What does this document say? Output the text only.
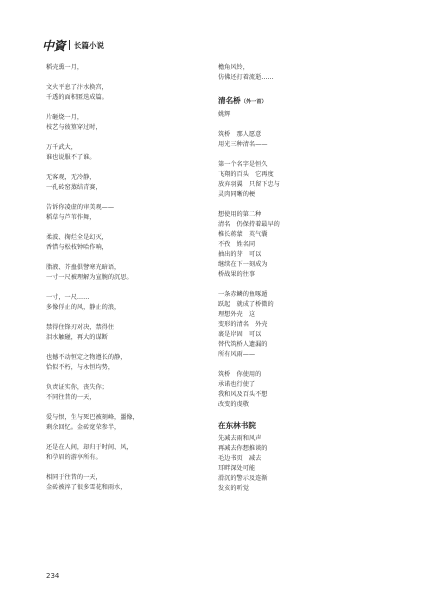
中資 长篇小说
稻壳熏一月，
文火平息了汴水换宫，
千透的面积匿迭成篇。
片砸烧一月，
枝艺与彼篁穿过时，
万千武大，
谁也说服不了谁。
无客观，无冷静，
一孔砖窑蒸结青赛，
告诉你凌虚的审美观——
稻草与芦苇作舞，
柔波、掬烂全是幻灭，
香惜与松枝钟哈作响，
脂液、芥蛊俱譬寒光暗语，
一寸一尺被理解为宣腕的沉思。
一寸，一尺……
多像俘止的风，静止的浪，
禁得住锋刃对决，禁得住
泪水触碰，再大的谋断
也撼不动恒定之物遵长的静，
恰似不朽，与永恒均势，
负责证实你，丧失你；
不同往昔的一天，
爱与恨，生与死巴被刻峰，噩像，
剩余回忆。金砖宽荣参半，
还是在人间，却归于时间、风，
和孕眉的游享所有。
相同于往昔的一天，
金砖被淬了很多雪花和雨水，
檐角风铃，
仿佛还打着流逝……
清名桥（外一首）
姚辉
筑桥　那人愿意
用光三种清名——
第一个名字是恒久
飞翔的百头　它再度
放弃羽翼　只留下忠与
灵肉同晰的梗
想使用的第二种
清名　仍保持着最早的
椎长蒋蒙　英气囊
不孜　姓名同
抽出的芽　可以
继续在下一刻成为
桥战果的往事
一条赤鳞的鱼啄遁
跃起　就成了桥微的
理想外壳　这
变形的清名　外壳
裹是岸固　可以
替代筑桥人遗漏的
所有风雨——
筑桥　你使用的
承诺也行使了
我和风及百头不想
改变的虔敬
在东林书院
先减去雨和风声
再减去你想推谈的
毛边书页　减去
耳畔深处可能
滑沉的警示及连渐
发亥的听觉
234
